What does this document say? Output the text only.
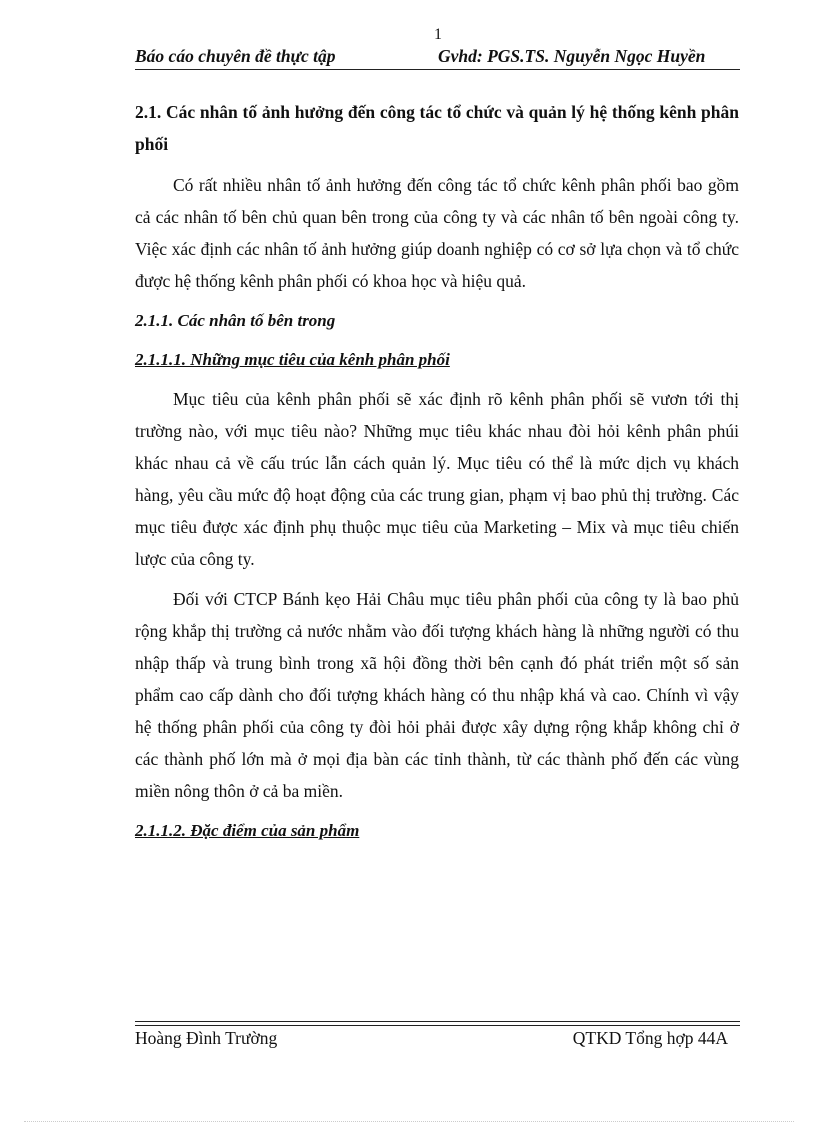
1
Báo cáo chuyên đề thực tập	Gvhd: PGS.TS. Nguyễn Ngọc Huyền

2.1. Các nhân tố ảnh hưởng đến công tác tổ chức và quản lý hệ thống kênh phân phối

Có rất nhiều nhân tố ảnh hưởng đến công tác tổ chức kênh phân phối bao gồm cả các nhân tố bên chủ quan bên trong của công ty và các nhân tố bên ngoài công ty. Việc xác định các nhân tố ảnh hưởng giúp doanh nghiệp có cơ sở lựa chọn và tổ chức được hệ thống kênh phân phối có khoa học và hiệu quả.

2.1.1. Các nhân tố bên trong

2.1.1.1. Những mục tiêu của kênh phân phối

Mục tiêu của kênh phân phối sẽ xác định rõ kênh phân phối sẽ vươn tới thị trường nào, với mục tiêu nào? Những mục tiêu khác nhau đòi hỏi kênh phân phúi khác nhau cả về cấu trúc lẫn cách quản lý. Mục tiêu có thể là mức dịch vụ khách hàng, yêu cầu mức độ hoạt động của các trung gian, phạm vị bao phủ thị trường. Các mục tiêu được xác định phụ thuộc mục tiêu của Marketing – Mix và mục tiêu chiến lược của công ty.

Đối với CTCP Bánh kẹo Hải Châu mục tiêu phân phối của công ty là bao phủ rộng khắp thị trường cả nước nhằm vào đối tượng khách hàng là những người có thu nhập thấp và trung bình trong xã hội đồng thời bên cạnh đó phát triển một số sản phẩm cao cấp dành cho đối tượng khách hàng có thu nhập khá và cao. Chính vì vậy hệ thống phân phối của công ty đòi hỏi phải được xây dựng rộng khắp không chỉ ở các thành phố lớn mà ở mọi địa bàn các tỉnh thành, từ các thành phố đến các vùng miền nông thôn ở cả ba miền.

2.1.1.2. Đặc điểm của sản phẩm

Hoàng Đình Trường	QTKD Tổng hợp 44A
